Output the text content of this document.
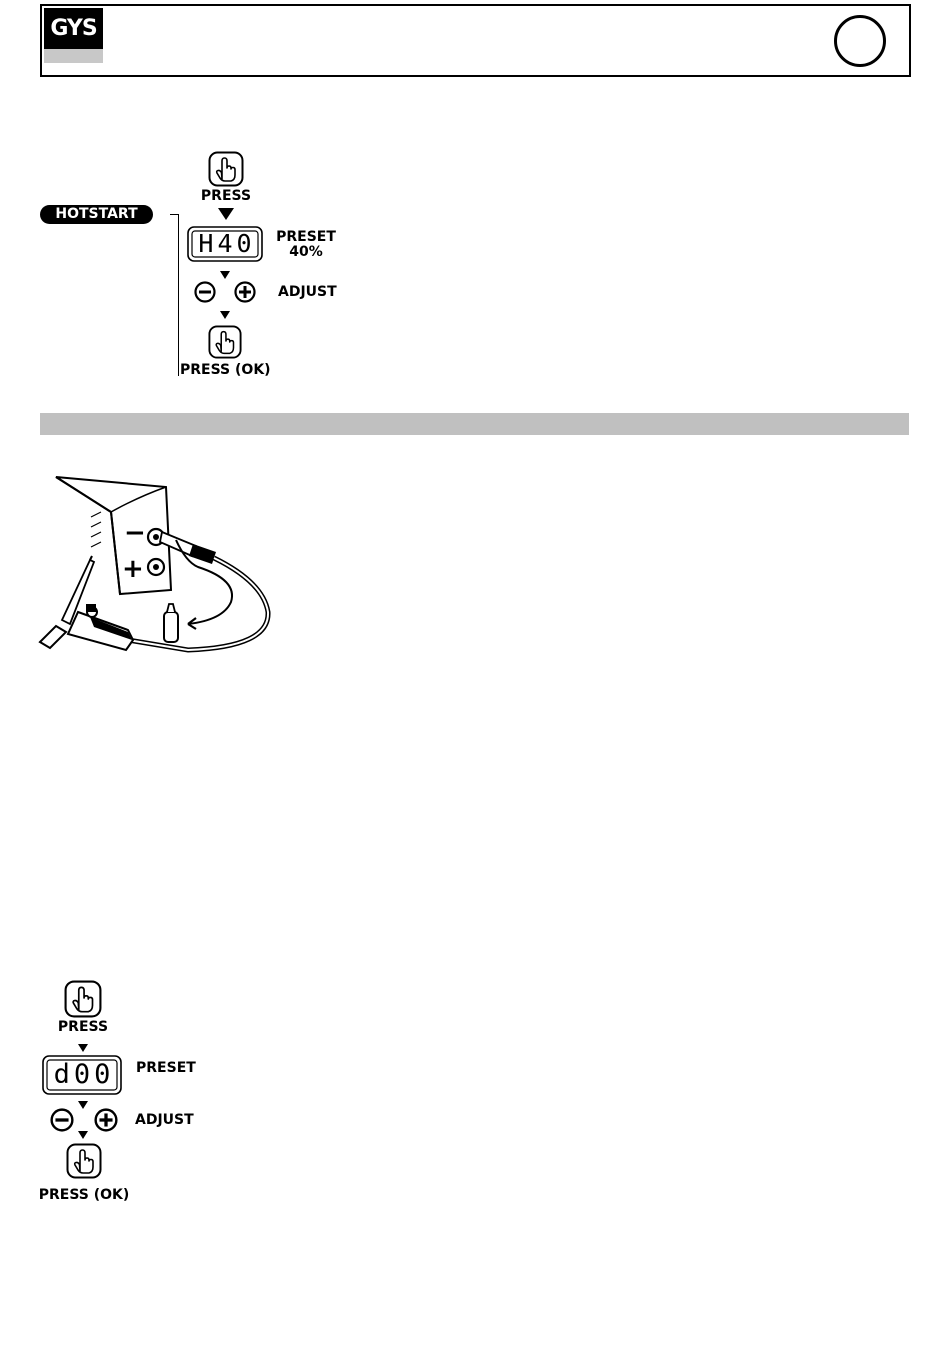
GYS
HOTSTART
PRESS
H40	PRESET
40%
ADJUST
PRESS (OK)
−
+
PRESS
d00	PRESET
ADJUST
PRESS (OK)
